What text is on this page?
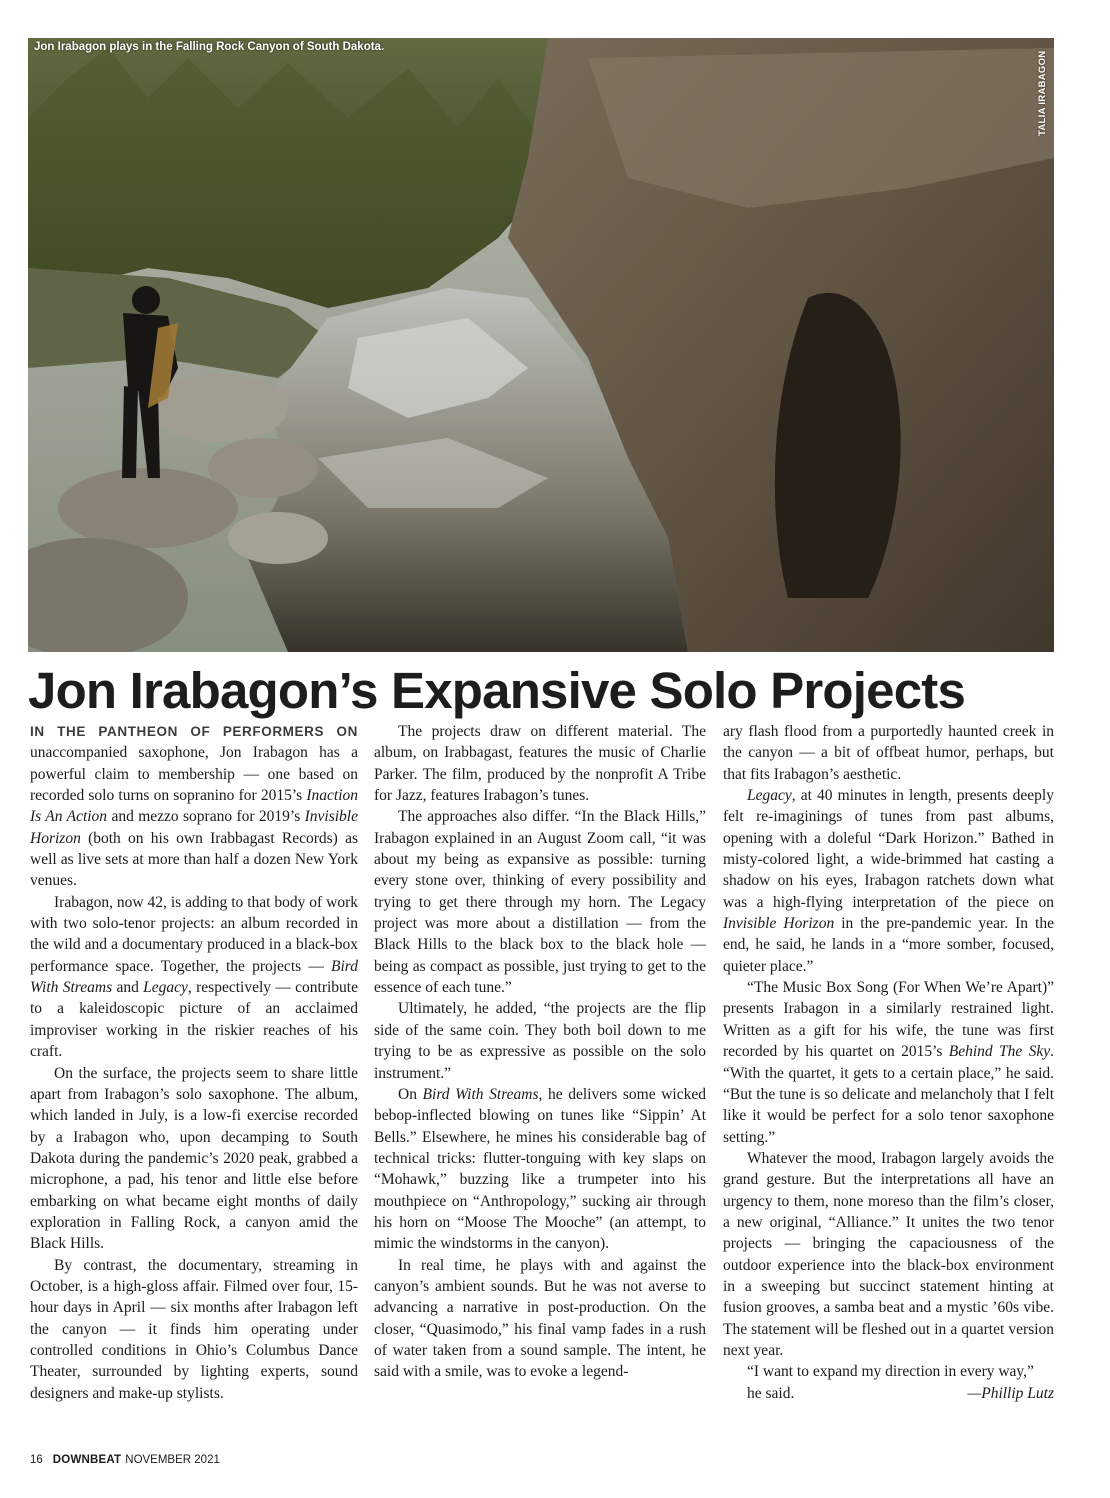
Jon Irabagon plays in the Falling Rock Canyon of South Dakota.
TALIA IRABAGON
Jon Irabagon’s Expansive Solo Projects

IN THE PANTHEON OF PERFORMERS ON unaccompanied saxophone, Jon Irabagon has a powerful claim to membership — one based on recorded solo turns on sopranino for 2015’s Inaction Is An Action and mezzo soprano for 2019’s Invisible Horizon (both on his own Irabbagast Records) as well as live sets at more than half a dozen New York venues.

Irabagon, now 42, is adding to that body of work with two solo-tenor projects: an album recorded in the wild and a documentary produced in a black-box performance space. Together, the projects — Bird With Streams and Legacy, respectively — contribute to a kaleidoscopic picture of an acclaimed improviser working in the riskier reaches of his craft.

On the surface, the projects seem to share little apart from Irabagon’s solo saxophone. The album, which landed in July, is a low-fi exercise recorded by a Irabagon who, upon decamping to South Dakota during the pandemic’s 2020 peak, grabbed a microphone, a pad, his tenor and little else before embarking on what became eight months of daily exploration in Falling Rock, a canyon amid the Black Hills.

By contrast, the documentary, streaming in October, is a high-gloss affair. Filmed over four, 15-hour days in April — six months after Irabagon left the canyon — it finds him operating under controlled conditions in Ohio’s Columbus Dance Theater, surrounded by lighting experts, sound designers and make-up stylists.

The projects draw on different material. The album, on Irabbagast, features the music of Charlie Parker. The film, produced by the nonprofit A Tribe for Jazz, features Irabagon’s tunes.

The approaches also differ. “In the Black Hills,” Irabagon explained in an August Zoom call, “it was about my being as expansive as possible: turning every stone over, thinking of every possibility and trying to get there through my horn. The Legacy project was more about a distillation — from the Black Hills to the black box to the black hole — being as compact as possible, just trying to get to the essence of each tune.”

Ultimately, he added, “the projects are the flip side of the same coin. They both boil down to me trying to be as expressive as possible on the solo instrument.”

On Bird With Streams, he delivers some wicked bebop-inflected blowing on tunes like “Sippin’ At Bells.” Elsewhere, he mines his considerable bag of technical tricks: flutter-tonguing with key slaps on “Mohawk,” buzzing like a trumpeter into his mouthpiece on “Anthropology,” sucking air through his horn on “Moose The Mooche” (an attempt, to mimic the windstorms in the canyon).

In real time, he plays with and against the canyon’s ambient sounds. But he was not averse to advancing a narrative in post-production. On the closer, “Quasimodo,” his final vamp fades in a rush of water taken from a sound sample. The intent, he said with a smile, was to evoke a legend-

ary flash flood from a purportedly haunted creek in the canyon — a bit of offbeat humor, perhaps, but that fits Irabagon’s aesthetic.

Legacy, at 40 minutes in length, presents deeply felt re-imaginings of tunes from past albums, opening with a doleful “Dark Horizon.” Bathed in misty-colored light, a wide-brimmed hat casting a shadow on his eyes, Irabagon ratchets down what was a high-flying interpretation of the piece on Invisible Horizon in the pre-pandemic year. In the end, he said, he lands in a “more somber, focused, quieter place.”

“The Music Box Song (For When We’re Apart)” presents Irabagon in a similarly restrained light. Written as a gift for his wife, the tune was first recorded by his quartet on 2015’s Behind The Sky. “With the quartet, it gets to a certain place,” he said. “But the tune is so delicate and melancholy that I felt like it would be perfect for a solo tenor saxophone setting.”

Whatever the mood, Irabagon largely avoids the grand gesture. But the interpretations all have an urgency to them, none moreso than the film’s closer, a new original, “Alliance.” It unites the two tenor projects — bringing the capaciousness of the outdoor experience into the black-box environment in a sweeping but succinct statement hinting at fusion grooves, a samba beat and a mystic ’60s vibe. The statement will be fleshed out in a quartet version next year.

“I want to expand my direction in every way,”

he said.	—Phillip Lutz

16 DOWNBEAT NOVEMBER 2021
